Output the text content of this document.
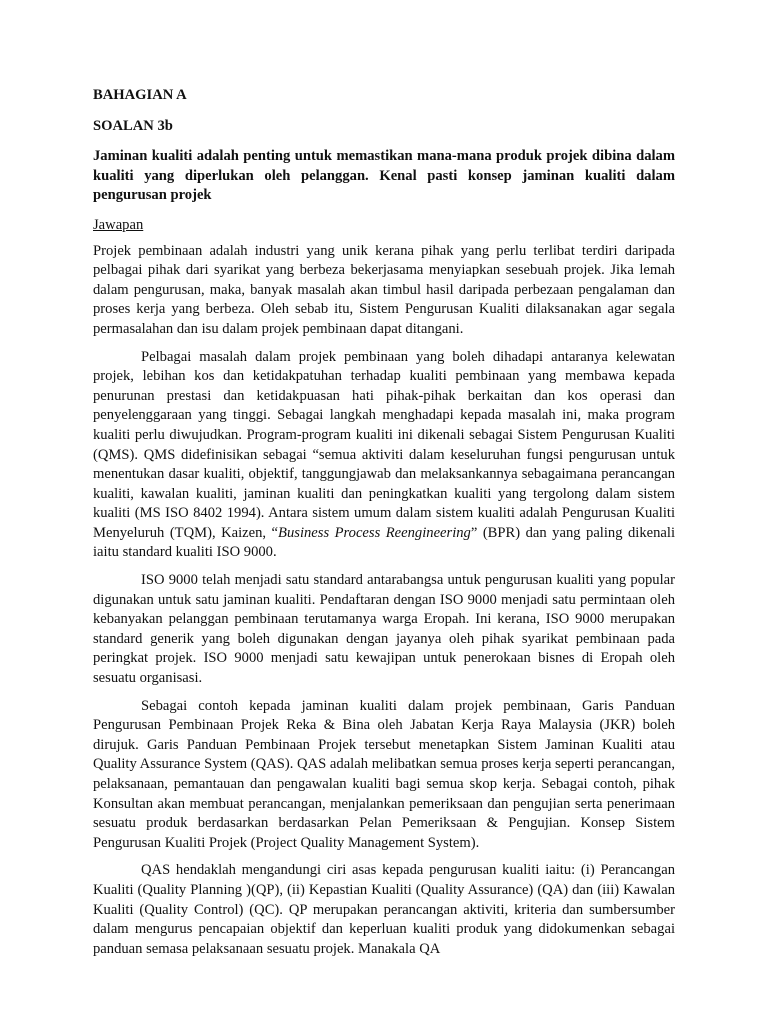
BAHAGIAN A

SOALAN 3b

Jaminan kualiti adalah penting untuk memastikan mana-mana produk projek dibina dalam kualiti yang diperlukan oleh pelanggan. Kenal pasti konsep jaminan kualiti dalam pengurusan projek

Jawapan

Projek pembinaan adalah industri yang unik kerana pihak yang perlu terlibat terdiri daripada pelbagai pihak dari syarikat yang berbeza bekerjasama menyiapkan sesebuah projek. Jika lemah dalam pengurusan, maka, banyak masalah akan timbul hasil daripada perbezaan pengalaman dan proses kerja yang berbeza. Oleh sebab itu, Sistem Pengurusan Kualiti dilaksanakan agar segala permasalahan dan isu dalam projek pembinaan dapat ditangani.

Pelbagai masalah dalam projek pembinaan yang boleh dihadapi antaranya kelewatan projek, lebihan kos dan ketidakpatuhan terhadap kualiti pembinaan yang membawa kepada penurunan prestasi dan ketidakpuasan hati pihak-pihak berkaitan dan kos operasi dan penyelenggaraan yang tinggi. Sebagai langkah menghadapi kepada masalah ini, maka program kualiti perlu diwujudkan. Program-program kualiti ini dikenali sebagai Sistem Pengurusan Kualiti (QMS). QMS didefinisikan sebagai “semua aktiviti dalam keseluruhan fungsi pengurusan untuk menentukan dasar kualiti, objektif, tanggungjawab dan melaksankannya sebagaimana perancangan kualiti, kawalan kualiti, jaminan kualiti dan peningkatkan kualiti yang tergolong dalam sistem kualiti (MS ISO 8402 1994). Antara sistem umum dalam sistem kualiti adalah Pengurusan Kualiti Menyeluruh (TQM), Kaizen, “Business Process Reengineering” (BPR) dan yang paling dikenali iaitu standard kualiti ISO 9000.

ISO 9000 telah menjadi satu standard antarabangsa untuk pengurusan kualiti yang popular digunakan untuk satu jaminan kualiti. Pendaftaran dengan ISO 9000 menjadi satu permintaan oleh kebanyakan pelanggan pembinaan terutamanya warga Eropah. Ini kerana, ISO 9000 merupakan standard generik yang boleh digunakan dengan jayanya oleh pihak syarikat pembinaan pada peringkat projek. ISO 9000 menjadi satu kewajipan untuk penerokaan bisnes di Eropah oleh sesuatu organisasi.

Sebagai contoh kepada jaminan kualiti dalam projek pembinaan, Garis Panduan Pengurusan Pembinaan Projek Reka & Bina oleh Jabatan Kerja Raya Malaysia (JKR) boleh dirujuk. Garis Panduan Pembinaan Projek tersebut menetapkan Sistem Jaminan Kualiti atau Quality Assurance System (QAS). QAS adalah melibatkan semua proses kerja seperti perancangan, pelaksanaan, pemantauan dan pengawalan kualiti bagi semua skop kerja. Sebagai contoh, pihak Konsultan akan membuat perancangan, menjalankan pemeriksaan dan pengujian serta penerimaan sesuatu produk berdasarkan berdasarkan Pelan Pemeriksaan & Pengujian. Konsep Sistem Pengurusan Kualiti Projek (Project Quality Management System).

QAS hendaklah mengandungi ciri asas kepada pengurusan kualiti iaitu: (i) Perancangan Kualiti (Quality Planning )(QP), (ii) Kepastian Kualiti (Quality Assurance) (QA) dan (iii) Kawalan Kualiti (Quality Control) (QC). QP merupakan perancangan aktiviti, kriteria dan sumbersumber dalam mengurus pencapaian objektif dan keperluan kualiti produk yang didokumenkan sebagai panduan semasa pelaksanaan sesuatu projek. Manakala QA
